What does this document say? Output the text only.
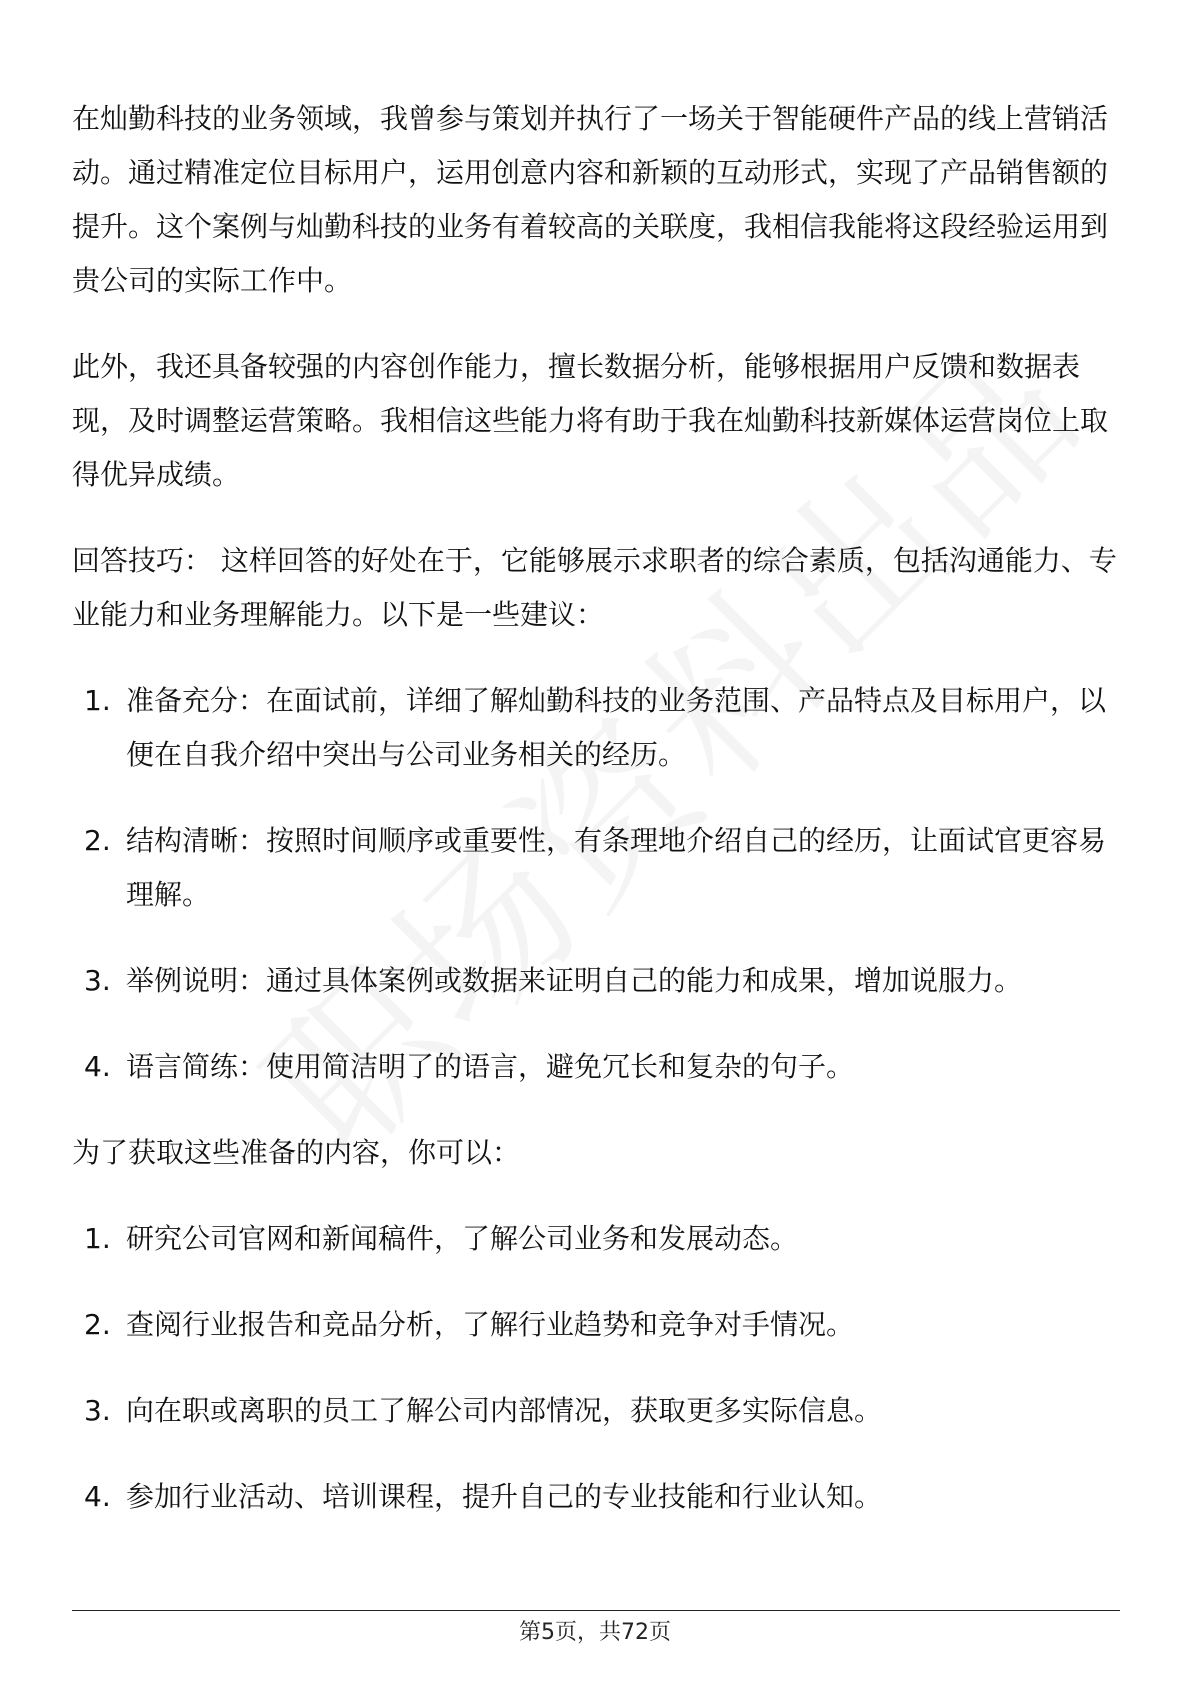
在灿勤科技的业务领域，我曾参与策划并执行了一场关于智能硬件产品的线上营销活动。通过精准定位目标用户，运用创意内容和新颖的互动形式，实现了产品销售额的提升。这个案例与灿勤科技的业务有着较高的关联度，我相信我能将这段经验运用到贵公司的实际工作中。

此外，我还具备较强的内容创作能力，擅长数据分析，能够根据用户反馈和数据表现，及时调整运营策略。我相信这些能力将有助于我在灿勤科技新媒体运营岗位上取得优异成绩。

回答技巧： 这样回答的好处在于，它能够展示求职者的综合素质，包括沟通能力、专业能力和业务理解能力。以下是一些建议：

1. 准备充分：在面试前，详细了解灿勤科技的业务范围、产品特点及目标用户，以便在自我介绍中突出与公司业务相关的经历。
2. 结构清晰：按照时间顺序或重要性，有条理地介绍自己的经历，让面试官更容易理解。
3. 举例说明：通过具体案例或数据来证明自己的能力和成果，增加说服力。
4. 语言简练：使用简洁明了的语言，避免冗长和复杂的句子。

为了获取这些准备的内容，你可以：

1. 研究公司官网和新闻稿件，了解公司业务和发展动态。
2. 查阅行业报告和竞品分析，了解行业趋势和竞争对手情况。
3. 向在职或离职的员工了解公司内部情况，获取更多实际信息。
4. 参加行业活动、培训课程，提升自己的专业技能和行业认知。
第5页，共72页
